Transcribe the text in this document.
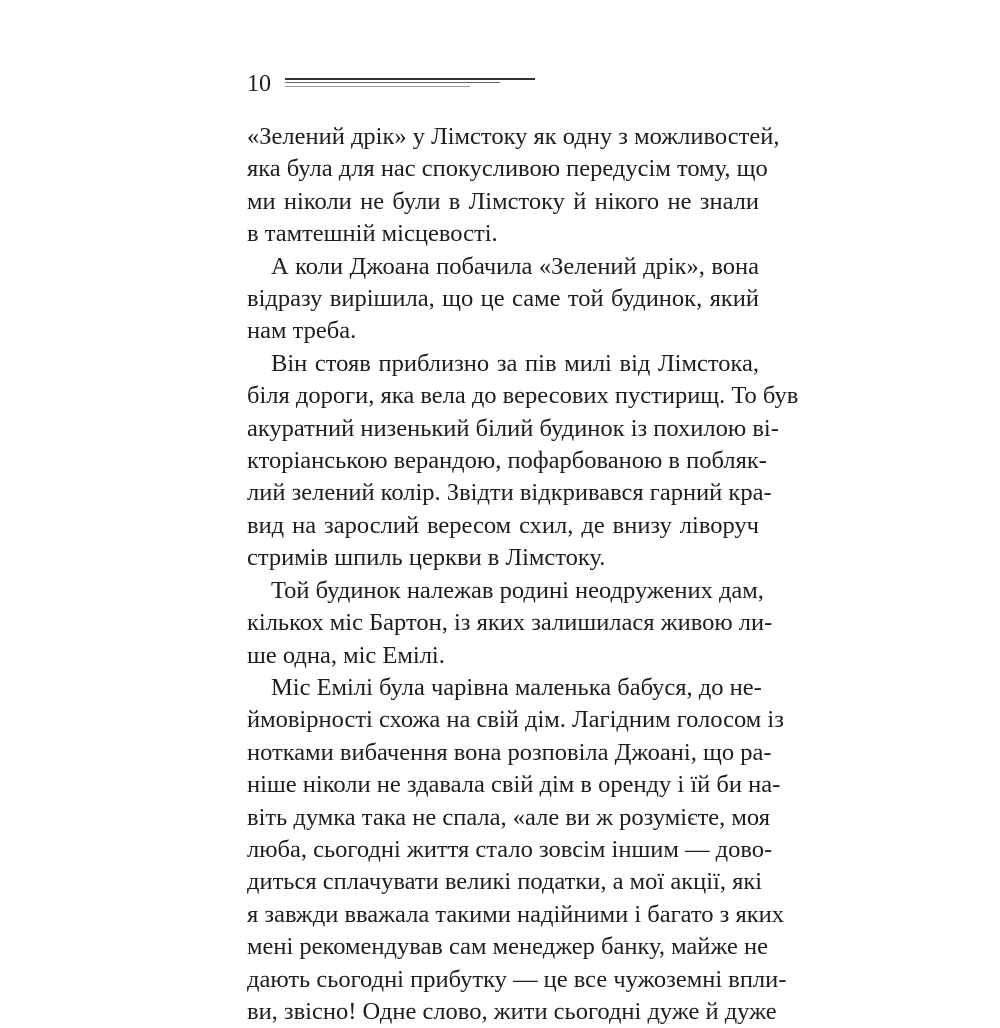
10

«Зелений дрік» у Лімстоку як одну з можливостей,
яка була для нас спокусливою передусім тому, що
ми ніколи не були в Лімстоку й нікого не знали
в тамтешній місцевості.

А коли Джоана побачила «Зелений дрік», вона
відразу вирішила, що це саме той будинок, який
нам треба.

Він стояв приблизно за пів милі від Лімстока,
біля дороги, яка вела до вересових пустирищ. То був
акуратний низенький білий будинок із похилою ві-
кторіанською верандою, пофарбованою в побляк-
лий зелений колір. Звідти відкривався гарний кра-
вид на зарослий вересом схил, де внизу ліворуч
стримів шпиль церкви в Лімстоку.

Той будинок належав родині неодружених дам,
кількох міс Бартон, із яких залишилася живою ли-
ше одна, міс Емілі.

Міс Емілі була чарівна маленька бабуся, до не-
ймовірності схожа на свій дім. Лагідним голосом із
нотками вибачення вона розповіла Джоані, що ра-
ніше ніколи не здавала свій дім в оренду і їй би на-
віть думка така не спала, «але ви ж розумієте, моя
люба, сьогодні життя стало зовсім іншим — дово-
диться сплачувати великі податки, а мої акції, які
я завжди вважала такими надійними і багато з яких
мені рекомендував сам менеджер банку, майже не
дають сьогодні прибутку — це все чужоземні впли-
ви, звісно! Одне слово, жити сьогодні дуже й дуже
